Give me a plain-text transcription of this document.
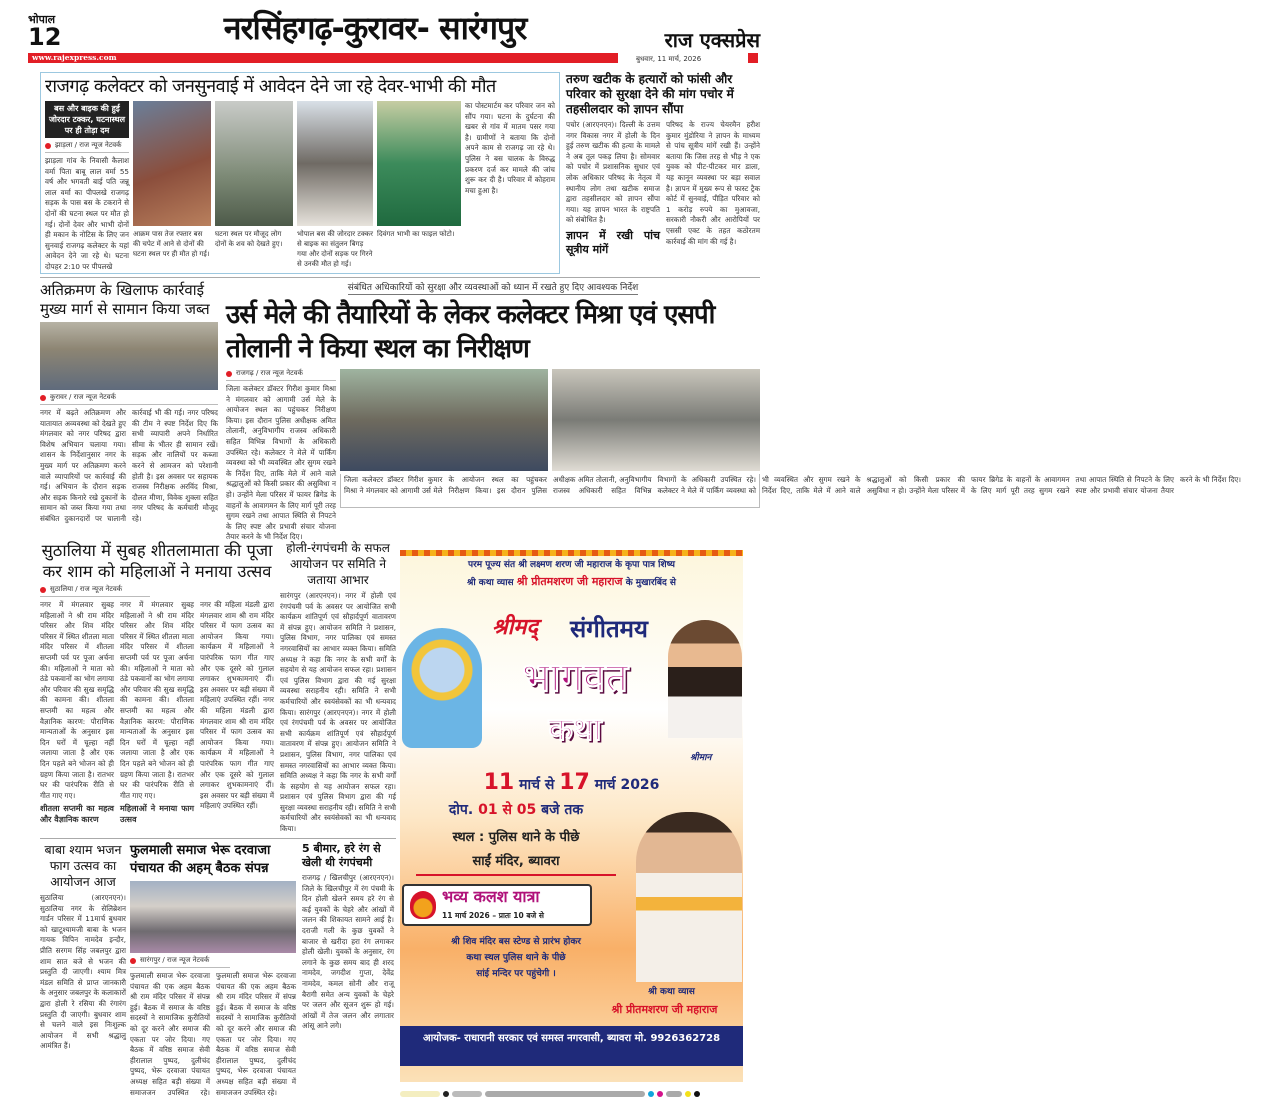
भोपाल
12	नरसिंहगढ़-कुरावर- सारंगपुर	राज एक्सप्रेस
www.rajexpress.com	बुधवार, 11 मार्च, 2026
राजगढ़ कलेक्टर को जनसुनवाई में आवेदन देने जा रहे देवर-भाभी की मौत
बस और बाइक की हुई जोरदार टक्कर, घटनास्थल पर ही तोड़ा दम
झाड़ला / राज न्यूज नेटवर्क
झाड़ला गांव के निवासी कैलाश वर्मा पिता बाबू लाल वर्मा 55 वर्ष और भगवती बाई पति जन्नू लाल वर्मा का पीपलखे राजगढ़ सड़क के पास बस के टकराने से दोनों की घटना स्थल पर मौत हो गई। दोनों देवर और भाभी दोनों ही मकान के नोटिस के लिए जन सुनवाई राजगढ़ कलेक्टर के यहां आवेदन देने जा रहे थे। घटना दोपहर 2:10 पर पीपलखे
आक्रम पास तेज रफ्तार बस की चपेट में आने से दोनों की घटना स्थल पर ही मौत हो गई।
घटना स्थल पर मौजूद लोग दोनों के शव को देखते हुए।
भोपाल बस की जोरदार टक्कर से बाइक का संतुलन बिगड़ गया और दोनों सड़क पर गिरने से उनकी मौत हो गई।
दिवंगत भाभी का फाइल फोटो।
का पोस्टमार्टम कर परिवार जन को सौंप गया। घटना के दुर्घटना की खबर से गांव में मातम पसर गया है। ग्रामीणों ने बताया कि दोनों अपने काम से राजगढ़ जा रहे थे। पुलिस ने बस चालक के विरुद्ध प्रकरण दर्ज कर मामले की जांच शुरू कर दी है। परिवार में कोहराम मचा हुआ है।
तरुण खटीक के हत्यारों को फांसी और परिवार को सुरक्षा देने की मांग पचोर में तहसीलदार को ज्ञापन सौंपा
पचोर (आरएनएन)। दिल्ली के उत्तम नगर विकास नगर में होली के दिन हुई तरुण खटीक की हत्या के मामले ने अब तूल पकड़ लिया है। सोमवार को पचोर में प्रशासनिक सुधार एवं लोक अधिकार परिषद के नेतृत्व में स्थानीय लोग तथा खटीक समाज द्वारा तहसीलदार को ज्ञापन सौंपा गया। यह ज्ञापन भारत के राष्ट्रपति को संबोधित है।
ज्ञापन में रखी पांच सूत्रीय मांगें
परिषद के राज्य चेयरमैन हरीश कुमार मुंडोरिया ने ज्ञापन के माध्यम से पांच सूत्रीय मांगें रखी हैं। उन्होंने बताया कि जिस तरह से भीड़ ने एक युवक को पीट-पीटकर मार डाला, यह कानून व्यवस्था पर बड़ा सवाल है। ज्ञापन में मुख्य रूप से फास्ट ट्रैक कोर्ट में सुनवाई, पीड़ित परिवार को 1 करोड़ रुपये का मुआवजा, सरकारी नौकरी और आरोपियों पर एससी एक्ट के तहत कठोरतम कार्रवाई की मांग की गई है।
अतिक्रमण के खिलाफ कार्रवाई मुख्य मार्ग से सामान किया जब्त
कुरावर / राज न्यूज नेटवर्क
नगर में बढ़ते अतिक्रमण और यातायात अव्यवस्था को देखते हुए मंगलवार को नगर परिषद द्वारा विशेष अभियान चलाया गया। शासन के निर्देशानुसार नगर के मुख्य मार्ग पर अतिक्रमण करने वाले व्यापारियों पर कार्रवाई की गई। अभियान के दौरान सड़क और सड़क किनारे रखे दुकानों के सामान को जब्त किया गया तथा संबंधित दुकानदारों पर चालानी कार्रवाई भी की गई। नगर परिषद की टीम ने स्पष्ट निर्देश दिए कि सभी व्यापारी अपने निर्धारित सीमा के भीतर ही सामान रखें। सड़क और नालियों पर कब्जा करने से आमजन को परेशानी होती है। इस अवसर पर सहायक राजस्व निरीक्षक अरविंद मिश्रा, दौलत मीणा, विवेक शुक्ला सहित नगर परिषद के कर्मचारी मौजूद रहे।
संबंधित अधिकारियों को सुरक्षा और व्यवस्थाओं को ध्यान में रखते हुए दिए आवश्यक निर्देश
उर्स मेले की तैयारियों के लेकर कलेक्टर मिश्रा एवं एसपी तोलानी ने किया स्थल का निरीक्षण
राजगढ़ / राज न्यूज नेटवर्क
जिला कलेक्टर डॉक्टर गिरीश कुमार मिश्रा ने मंगलवार को आगामी उर्स मेले के आयोजन स्थल का पहुंचकर निरीक्षण किया। इस दौरान पुलिस अधीक्षक अमित तोलानी, अनुविभागीय राजस्व अधिकारी सहित विभिन्न विभागों के अधिकारी उपस्थित रहे। कलेक्टर ने मेले में पार्किंग व्यवस्था को भी व्यवस्थित और सुगम रखने के निर्देश दिए, ताकि मेले में आने वाले श्रद्धालुओं को किसी प्रकार की असुविधा न हो। उन्होंने मेला परिसर में फायर ब्रिगेड के वाहनों के आवागमन के लिए मार्ग पूरी तरह सुगम रखने तथा आपात स्थिति से निपटने के लिए स्पष्ट और प्रभावी संचार योजना तैयार करने के भी निर्देश दिए।
जिला कलेक्टर डॉक्टर गिरीश कुमार मिश्रा ने मंगलवार को आगामी उर्स मेले के आयोजन स्थल का पहुंचकर निरीक्षण किया। इस दौरान पुलिस अधीक्षक अमित तोलानी, अनुविभागीय राजस्व अधिकारी सहित विभिन्न विभागों के अधिकारी उपस्थित रहे। कलेक्टर ने मेले में पार्किंग व्यवस्था को भी व्यवस्थित और सुगम रखने के निर्देश दिए, ताकि मेले में आने वाले श्रद्धालुओं को किसी प्रकार की असुविधा न हो। उन्होंने मेला परिसर में फायर ब्रिगेड के वाहनों के आवागमन के लिए मार्ग पूरी तरह सुगम रखने तथा आपात स्थिति से निपटने के लिए स्पष्ट और प्रभावी संचार योजना तैयार करने के भी निर्देश दिए।
सुठालिया में सुबह शीतलामाता की पूजा कर शाम को महिलाओं ने मनाया उत्सव
सुठालिया / राज न्यूज नेटवर्क
नगर में मंगलवार सुबह महिलाओं ने श्री राम मंदिर परिसर और शिव मंदिर परिसर में स्थित शीतला माता मंदिर परिसर में शीतला सप्तमी पर्व पर पूजा अर्चना की। महिलाओं ने माता को ठंडे पकवानों का भोग लगाया और परिवार की सुख समृद्धि की कामना की। शीतला सप्तमी का महत्व और वैज्ञानिक कारण: पौराणिक मान्यताओं के अनुसार इस दिन घरों में चूल्हा नहीं जलाया जाता है और एक दिन पहले बने भोजन को ही ग्रहण किया जाता है। रातभर घर की पारंपरिक रीति से गीत गाए गए।
शीतला सप्तमी का महत्व और वैज्ञानिक कारण
नगर में मंगलवार सुबह महिलाओं ने श्री राम मंदिर परिसर और शिव मंदिर परिसर में स्थित शीतला माता मंदिर परिसर में शीतला सप्तमी पर्व पर पूजा अर्चना की। महिलाओं ने माता को ठंडे पकवानों का भोग लगाया और परिवार की सुख समृद्धि की कामना की। शीतला सप्तमी का महत्व और वैज्ञानिक कारण: पौराणिक मान्यताओं के अनुसार इस दिन घरों में चूल्हा नहीं जलाया जाता है और एक दिन पहले बने भोजन को ही ग्रहण किया जाता है। रातभर घर की पारंपरिक रीति से गीत गाए गए।
महिलाओं ने मनाया फाग उत्सव
नगर की महिला मंडली द्वारा मंगलवार शाम श्री राम मंदिर परिसर में फाग उत्सव का आयोजन किया गया। कार्यक्रम में महिलाओं ने पारंपरिक फाग गीत गाए और एक दूसरे को गुलाल लगाकर शुभकामनाएं दीं। इस अवसर पर बड़ी संख्या में महिलाएं उपस्थित रहीं। नगर की महिला मंडली द्वारा मंगलवार शाम श्री राम मंदिर परिसर में फाग उत्सव का आयोजन किया गया। कार्यक्रम में महिलाओं ने पारंपरिक फाग गीत गाए और एक दूसरे को गुलाल लगाकर शुभकामनाएं दीं। इस अवसर पर बड़ी संख्या में महिलाएं उपस्थित रहीं।
होली-रंगपंचमी के सफल आयोजन पर समिति ने जताया आभार
सारंगपुर (आरएनएन)। नगर में होली एवं रंगपंचमी पर्व के अवसर पर आयोजित सभी कार्यक्रम शांतिपूर्ण एवं सौहार्दपूर्ण वातावरण में संपन्न हुए। आयोजन समिति ने प्रशासन, पुलिस विभाग, नगर पालिका एवं समस्त नगरवासियों का आभार व्यक्त किया। समिति अध्यक्ष ने कहा कि नगर के सभी वर्गों के सहयोग से यह आयोजन सफल रहा। प्रशासन एवं पुलिस विभाग द्वारा की गई सुरक्षा व्यवस्था सराहनीय रही। समिति ने सभी कर्मचारियों और स्वयंसेवकों का भी धन्यवाद किया। सारंगपुर (आरएनएन)। नगर में होली एवं रंगपंचमी पर्व के अवसर पर आयोजित सभी कार्यक्रम शांतिपूर्ण एवं सौहार्दपूर्ण वातावरण में संपन्न हुए। आयोजन समिति ने प्रशासन, पुलिस विभाग, नगर पालिका एवं समस्त नगरवासियों का आभार व्यक्त किया। समिति अध्यक्ष ने कहा कि नगर के सभी वर्गों के सहयोग से यह आयोजन सफल रहा। प्रशासन एवं पुलिस विभाग द्वारा की गई सुरक्षा व्यवस्था सराहनीय रही। समिति ने सभी कर्मचारियों और स्वयंसेवकों का भी धन्यवाद किया।
बाबा श्याम भजन फाग उत्सव का आयोजन आज
सुठालिया (आरएनएन)। सुठालिया नगर के सेलिब्रेशन गार्डन परिसर में 11मार्च बुधवार को खाटूश्यामजी बाबा के भजन गायक विपिन नामदेव इन्दौर, प्रीति सरगम सिंह जबलपुर द्वारा शाम सात बजे से भजन की प्रस्तुति दी जाएगी। श्याम मित्र मंडल समिति से प्राप्त जानकारी के अनुसार जबलपुर के कलाकारों द्वारा होली रे रसिया की रंगारंग प्रस्तुति दी जाएगी। बुधवार शाम से चलने वाले इस निःशुल्क आयोजन में सभी श्रद्धालु आमंत्रित हैं।
फुलमाली समाज भेरू दरवाजा पंचायत की अहम् बैठक संपन्न
सारंगपुर / राज न्यूज नेटवर्क
फुलमाली समाज भेरू दरवाजा पंचायत की एक अहम बैठक श्री राम मंदिर परिसर में संपन्न हुई। बैठक में समाज के वरिष्ठ सदस्यों ने सामाजिक कुरीतियों को दूर करने और समाज की एकता पर जोर दिया। गए बैठक में वरिष्ठ समाज सेवी हीरालाल पुष्पद, दुलीचंद पुष्पद, भेरू दरवाजा पंचायत अध्यक्ष सहित बड़ी संख्या में समाजजन उपस्थित रहे। फुलमाली समाज भेरू दरवाजा पंचायत की एक अहम बैठक श्री राम मंदिर परिसर में संपन्न हुई। बैठक में समाज के वरिष्ठ सदस्यों ने सामाजिक कुरीतियों को दूर करने और समाज की एकता पर जोर दिया। गए बैठक में वरिष्ठ समाज सेवी हीरालाल पुष्पद, दुलीचंद पुष्पद, भेरू दरवाजा पंचायत अध्यक्ष सहित बड़ी संख्या में समाजजन उपस्थित रहे।
5 बीमार, हरे रंग से खेली थी रंगपंचमी
राजगढ़ / खिलचीपुर (आरएनएन)। जिले के खिलचीपुर में रंग पंचमी के दिन होली खेलने समय हरे रंग से कई युवकों के चेहरे और आंखों में जलन की शिकायत सामने आई है। दराजी गली के कुछ युवकों ने बाजार से खरीदा हरा रंग लगाकर होली खेली। युवकों के अनुसार, रंग लगाने के कुछ समय बाद ही शरद नामदेव, जगदीश गुप्ता, देवेंद्र नामदेव, कमल सोनी और राजू बैरागी समेत अन्य युवकों के चेहरे पर जलन और सूजन शुरू हो गई। आंखों में तेज जलन और लगातार आंसू आने लगे।
परम पूज्य संत श्री लक्ष्मण शरण जी महाराज के कृपा पात्र शिष्य
श्री कथा व्यास श्री प्रीतमशरण जी महाराज के मुखारबिंद से
श्रीमद् संगीतमय
भागवत
कथा
श्रीमान
11 मार्च से 17 मार्च 2026
दोप. 01 से 05 बजे तक
स्थल : पुलिस थाने के पीछे
साईं मंदिर, ब्यावरा
भव्य कलश यात्रा
11 मार्च 2026 – प्रातः 10 बजे से
श्री शिव मंदिर बस स्टेण्ड से प्रारंभ होकर
कथा स्थल पुलिस थाने के पीछे
सांई मन्दिर पर पहुंचेगी ।
श्री कथा व्यास
श्री प्रीतमशरण जी महाराज
आयोजक- राधारानी सरकार एवं समस्त नगरवासी, ब्यावरा मो. 9926362728
